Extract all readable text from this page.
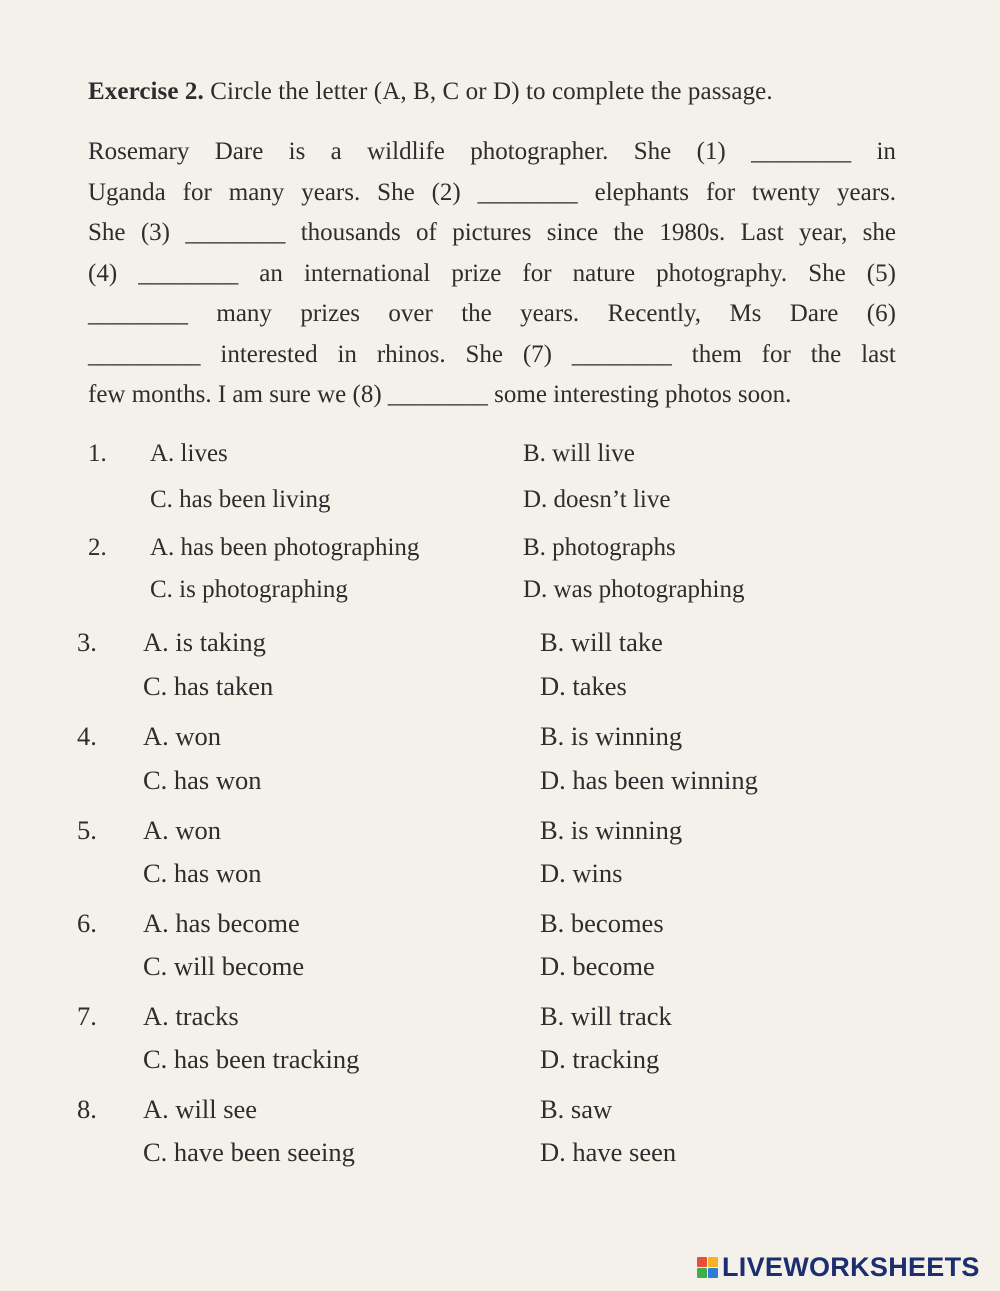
Exercise 2. Circle the letter (A, B, C or D) to complete the passage.
Rosemary Dare is a wildlife photographer. She (1) ________ in
Uganda for many years. She (2) ________ elephants for twenty years.
She (3) ________ thousands of pictures since the 1980s. Last year, she
(4) ________ an international prize for nature photography. She (5)
________ many prizes over the years. Recently, Ms Dare (6)
_________ interested in rhinos. She (7) ________ them for the last
few months. I am sure we (8) ________ some interesting photos soon.
1. A. lives	B. will live
C. has been living	D. doesn’t live
2. A. has been photographing	B. photographs
C. is photographing	D. was photographing
3. A. is taking	B. will take
C. has taken	D. takes
4. A. won	B. is winning
C. has won	D. has been winning
5. A. won	B. is winning
C. has won	D. wins
6. A. has become	B. becomes
C. will become	D. become
7. A. tracks	B. will track
C. has been tracking	D. tracking
8. A. will see	B. saw
C. have been seeing	D. have seen
LIVEWORKSHEETS
